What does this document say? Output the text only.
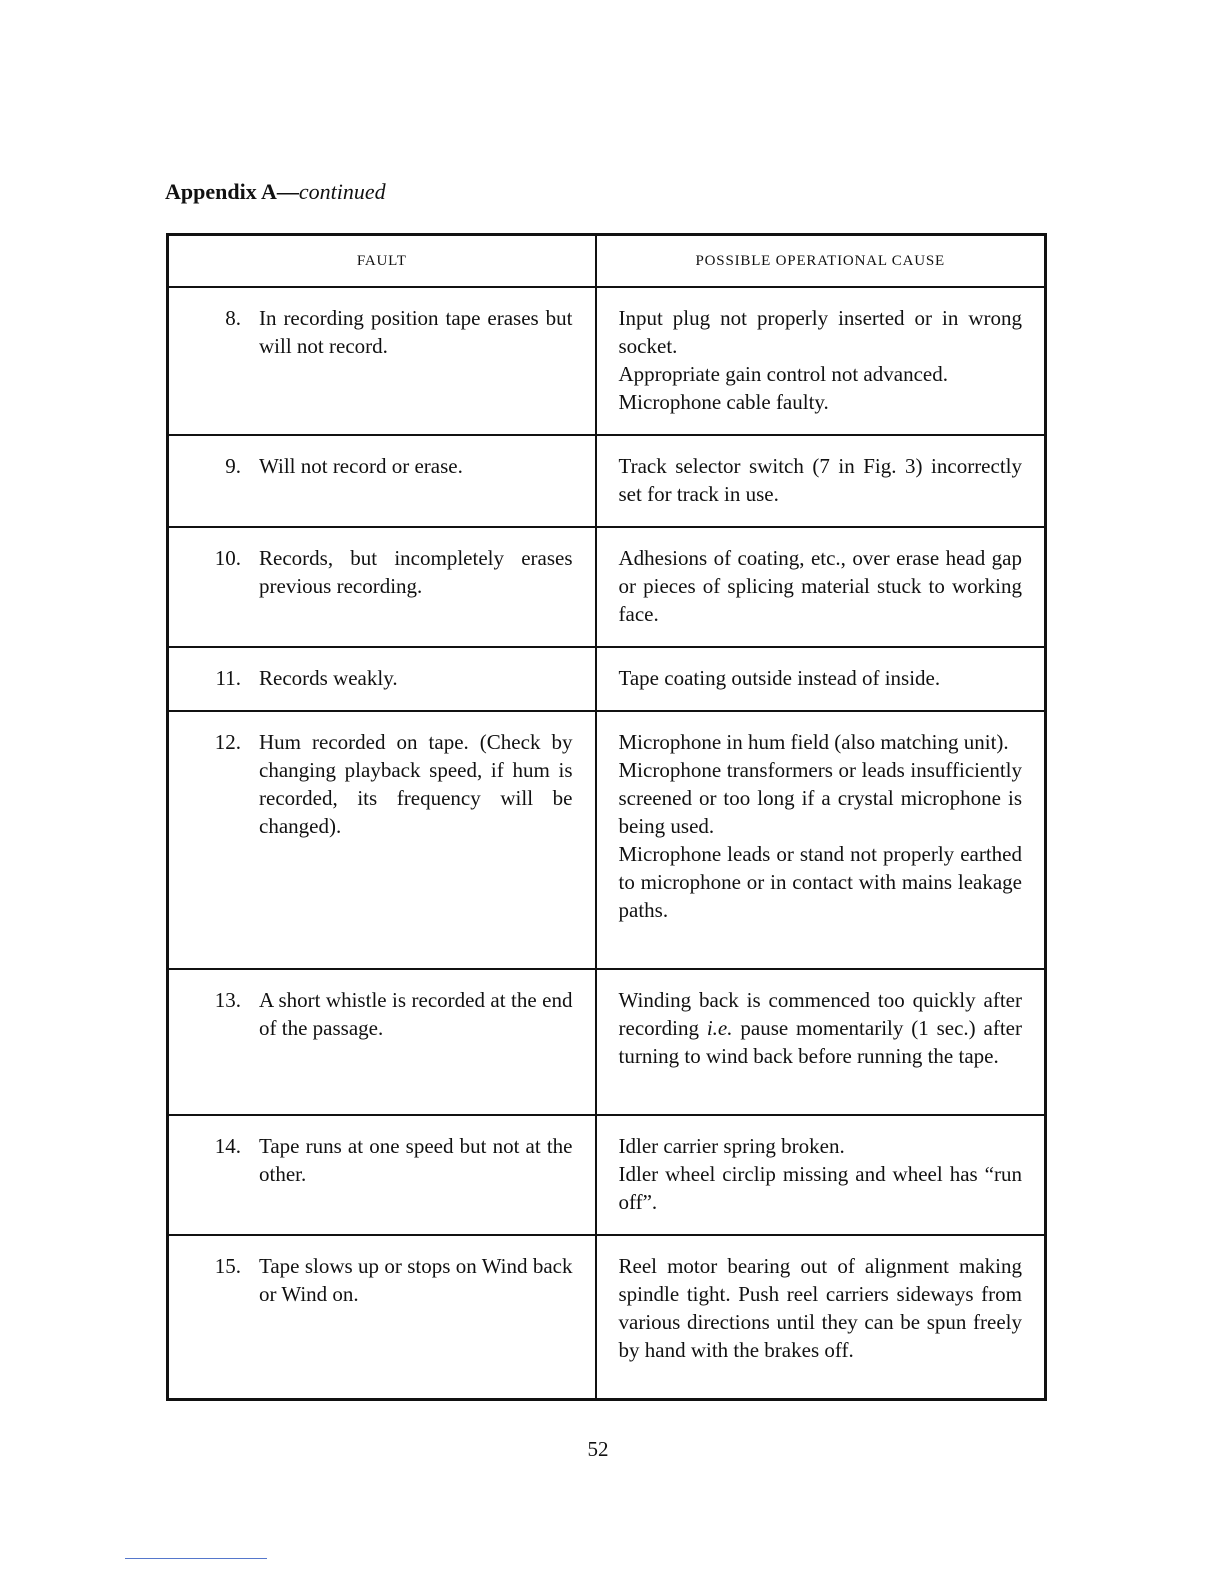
Appendix A—continued
FAULT	POSSIBLE OPERATIONAL CAUSE

8. In recording position tape erases but will not record.	Input plug not properly inserted or in wrong socket.
Appropriate gain control not advanced.
Microphone cable faulty.

9. Will not record or erase.	Track selector switch (7 in Fig. 3) incorrectly set for track in use.

10. Records, but incompletely erases previous recording.	Adhesions of coating, etc., over erase head gap or pieces of splicing material stuck to working face.

11. Records weakly.	Tape coating outside instead of inside.

12. Hum recorded on tape. (Check by changing playback speed, if hum is recorded, its frequency will be changed).	Microphone in hum field (also matching unit).
Microphone transformers or leads insufficiently screened or too long if a crystal microphone is being used.
Microphone leads or stand not properly earthed to microphone or in contact with mains leakage paths.

13. A short whistle is recorded at the end of the passage.	Winding back is commenced too quickly after recording i.e. pause momentarily (1 sec.) after turning to wind back before running the tape.

14. Tape runs at one speed but not at the other.	Idler carrier spring broken.
Idler wheel circlip missing and wheel has “run off”.

15. Tape slows up or stops on Wind back or Wind on.	Reel motor bearing out of alignment making spindle tight. Push reel carriers sideways from various directions until they can be spun freely by hand with the brakes off.
52
